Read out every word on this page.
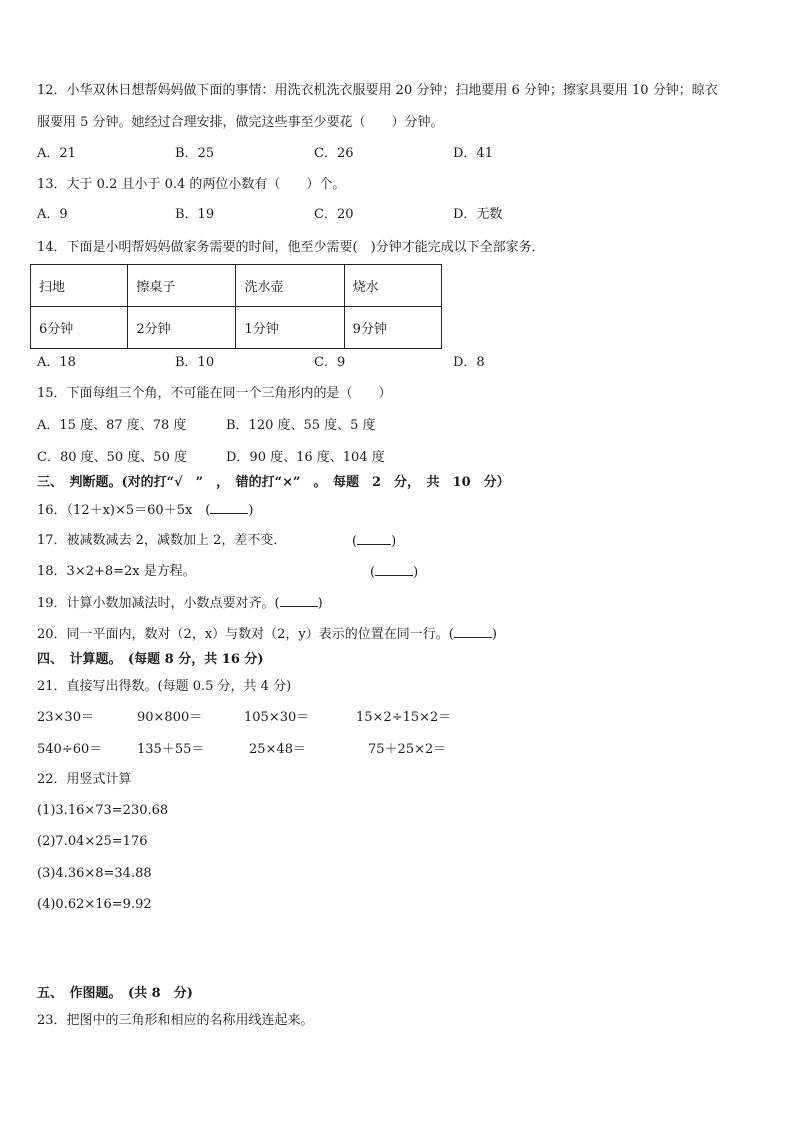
12．小华双休日想帮妈妈做下面的事情：用洗衣机洗衣服要用 20 分钟；扫地要用 6 分钟；擦家具要用 10 分钟；晾衣
服要用 5 分钟。她经过合理安排，做完这些事至少要花（　　）分钟。
A．21	B．25	C．26	D．41
13．大于 0.2 且小于 0.4 的两位小数有（　　）个。
A．9	B．19	C．20	D．无数
14．下面是小明帮妈妈做家务需要的时间，他至少需要(　)分钟才能完成以下全部家务．
扫地	擦桌子	洗水壶	烧水
6分钟	2分钟	1分钟	9分钟
A．18	B．10	C．9	D．8
15．下面每组三个角，不可能在同一个三角形内的是（　　）
A．15 度、87 度、78 度	B．120 度、55 度、5 度
C．80 度、50 度、50 度	D．90 度、16 度、104 度
三、　判断题。(对的打“√　”　，　错的打“×”　。　每题　2　分，　共　10　分）
16．（12＋x)×5＝60＋5x　(	)
17．被减数减去 2，减数加上 2，差不变．	(	)
18．3×2+8=2x 是方程。	(	)
19．计算小数加减法时，小数点要对齐。(	)
20．同一平面内，数对（2，x）与数对（2，y）表示的位置在同一行。(	)
四、　计算题。　(每题 8 分，共 16 分)
21．直接写出得数。(每题 0.5 分，共 4 分)
23×30＝	90×800＝	105×30＝	15×2÷15×2＝
540÷60＝	135＋55＝	25×48＝	75＋25×2＝
22．用竖式计算
(1)3.16×73=230.68
(2)7.04×25=176
(3)4.36×8=34.88
(4)0.62×16=9.92
五、　作图题。　(共 8　分)
23．把图中的三角形和相应的名称用线连起来。
